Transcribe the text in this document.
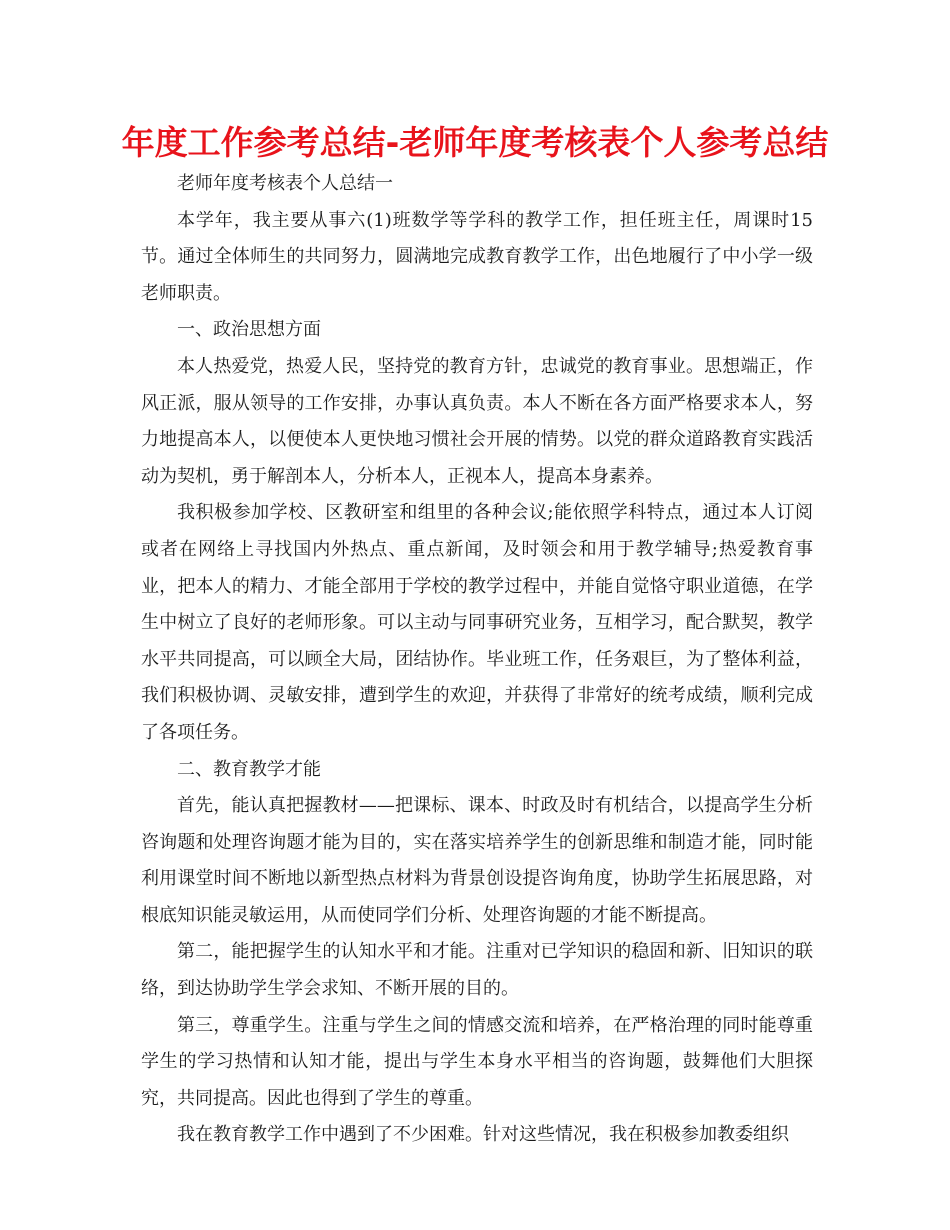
年度工作参考总结-老师年度考核表个人参考总结

老师年度考核表个人总结一

本学年，我主要从事六(1)班数学等学科的教学工作，担任班主任，周课时15节。通过全体师生的共同努力，圆满地完成教育教学工作，出色地履行了中小学一级老师职责。

一、政治思想方面

本人热爱党，热爱人民，坚持党的教育方针，忠诚党的教育事业。思想端正，作风正派，服从领导的工作安排，办事认真负责。本人不断在各方面严格要求本人，努力地提高本人，以便使本人更快地习惯社会开展的情势。以党的群众道路教育实践活动为契机，勇于解剖本人，分析本人，正视本人，提高本身素养。

我积极参加学校、区教研室和组里的各种会议;能依照学科特点，通过本人订阅或者在网络上寻找国内外热点、重点新闻，及时领会和用于教学辅导;热爱教育事业，把本人的精力、才能全部用于学校的教学过程中，并能自觉恪守职业道德，在学生中树立了良好的老师形象。可以主动与同事研究业务，互相学习，配合默契，教学水平共同提高，可以顾全大局，团结协作。毕业班工作，任务艰巨，为了整体利益，我们积极协调、灵敏安排，遭到学生的欢迎，并获得了非常好的统考成绩，顺利完成了各项任务。

二、教育教学才能

首先，能认真把握教材——把课标、课本、时政及时有机结合，以提高学生分析咨询题和处理咨询题才能为目的，实在落实培养学生的创新思维和制造才能，同时能利用课堂时间不断地以新型热点材料为背景创设提咨询角度，协助学生拓展思路，对根底知识能灵敏运用，从而使同学们分析、处理咨询题的才能不断提高。

第二，能把握学生的认知水平和才能。注重对已学知识的稳固和新、旧知识的联络，到达协助学生学会求知、不断开展的目的。

第三，尊重学生。注重与学生之间的情感交流和培养，在严格治理的同时能尊重学生的学习热情和认知才能，提出与学生本身水平相当的咨询题，鼓舞他们大胆探究，共同提高。因此也得到了学生的尊重。

我在教育教学工作中遇到了不少困难。针对这些情况，我在积极参加教委组织
